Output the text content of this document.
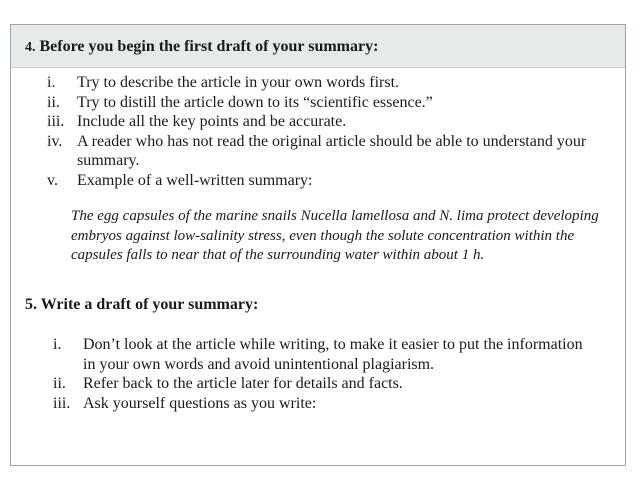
4. Before you begin the first draft of your summary:
i.	Try to describe the article in your own words first.
ii.	Try to distill the article down to its “scientific essence.”
iii. Include all the key points and be accurate.
iv. A reader who has not read the original article should be able to understand your summary.
v.	Example of a well-written summary:

The egg capsules of the marine snails Nucella lamellosa and N. lima protect developing embryos against low-salinity stress, even though the solute concentration within the capsules falls to near that of the surrounding water within about 1 h.

5. Write a draft of your summary:
i.	Don’t look at the article while writing, to make it easier to put the information in your own words and avoid unintentional plagiarism.
ii.	Refer back to the article later for details and facts.
iii. Ask yourself questions as you write:
